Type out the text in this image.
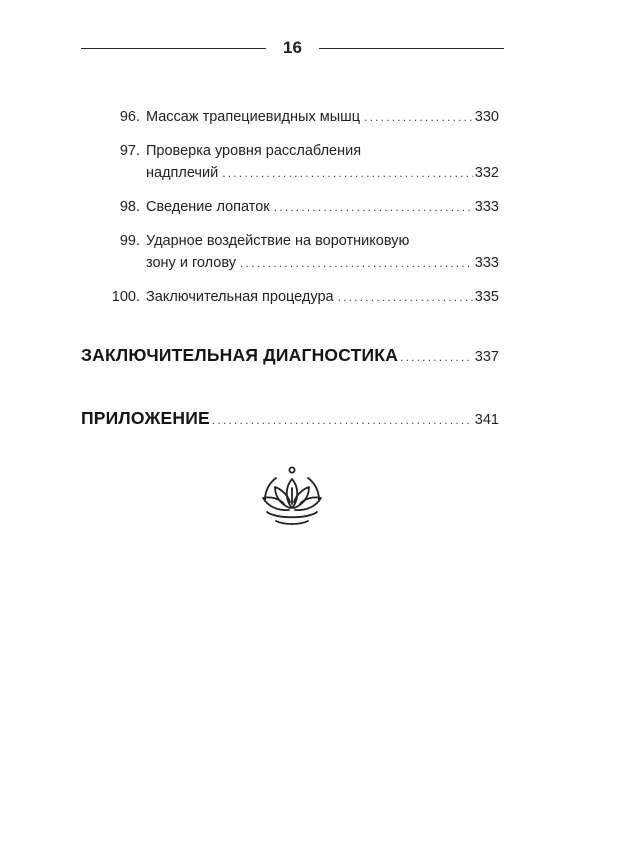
16
96. Массаж трапециевидных мышц .....	330
97. Проверка уровня расслабления
надплечий .....	332
98. Сведение лопаток .....	333
99. Ударное воздействие на воротниковую
зону и голову .....	333
100. Заключительная процедура .....	335
ЗАКЛЮЧИТЕЛЬНАЯ ДИАГНОСТИКА .....	337
ПРИЛОЖЕНИЕ .....	341
